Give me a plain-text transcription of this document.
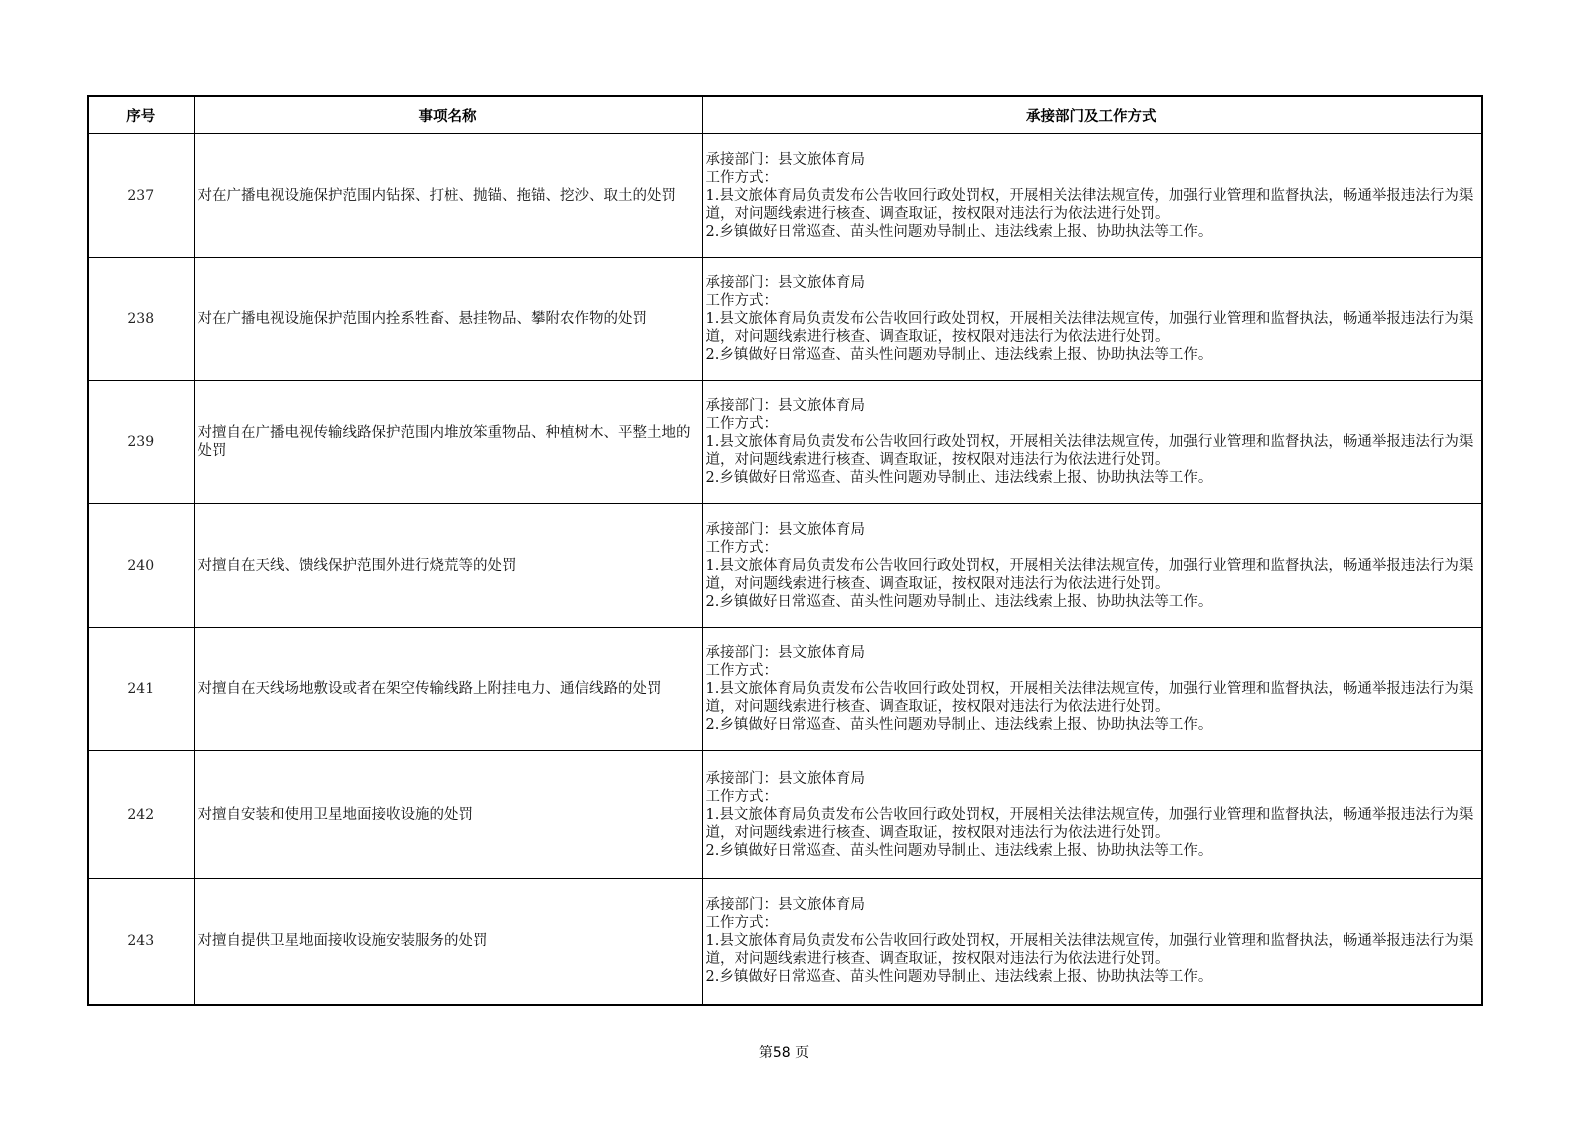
序号	事项名称	承接部门及工作方式
237	对在广播电视设施保护范围内钻探、打桩、抛锚、拖锚、挖沙、取土的处罚	承接部门：县文旅体育局
工作方式：
1.县文旅体育局负责发布公告收回行政处罚权，开展相关法律法规宣传，加强行业管理和监督执法，畅通举报违法行为渠道，对问题线索进行核查、调查取证，按权限对违法行为依法进行处罚。
2.乡镇做好日常巡查、苗头性问题劝导制止、违法线索上报、协助执法等工作。

238	对在广播电视设施保护范围内拴系牲畜、悬挂物品、攀附农作物的处罚	承接部门：县文旅体育局
工作方式：
1.县文旅体育局负责发布公告收回行政处罚权，开展相关法律法规宣传，加强行业管理和监督执法，畅通举报违法行为渠道，对问题线索进行核查、调查取证，按权限对违法行为依法进行处罚。
2.乡镇做好日常巡查、苗头性问题劝导制止、违法线索上报、协助执法等工作。

239	对擅自在广播电视传输线路保护范围内堆放笨重物品、种植树木、平整土地的处罚	承接部门：县文旅体育局
工作方式：
1.县文旅体育局负责发布公告收回行政处罚权，开展相关法律法规宣传，加强行业管理和监督执法，畅通举报违法行为渠道，对问题线索进行核查、调查取证，按权限对违法行为依法进行处罚。
2.乡镇做好日常巡查、苗头性问题劝导制止、违法线索上报、协助执法等工作。

240	对擅自在天线、馈线保护范围外进行烧荒等的处罚	承接部门：县文旅体育局
工作方式：
1.县文旅体育局负责发布公告收回行政处罚权，开展相关法律法规宣传，加强行业管理和监督执法，畅通举报违法行为渠道，对问题线索进行核查、调查取证，按权限对违法行为依法进行处罚。
2.乡镇做好日常巡查、苗头性问题劝导制止、违法线索上报、协助执法等工作。

241	对擅自在天线场地敷设或者在架空传输线路上附挂电力、通信线路的处罚	承接部门：县文旅体育局
工作方式：
1.县文旅体育局负责发布公告收回行政处罚权，开展相关法律法规宣传，加强行业管理和监督执法，畅通举报违法行为渠道，对问题线索进行核查、调查取证，按权限对违法行为依法进行处罚。
2.乡镇做好日常巡查、苗头性问题劝导制止、违法线索上报、协助执法等工作。

242	对擅自安装和使用卫星地面接收设施的处罚	承接部门：县文旅体育局
工作方式：
1.县文旅体育局负责发布公告收回行政处罚权，开展相关法律法规宣传，加强行业管理和监督执法，畅通举报违法行为渠道，对问题线索进行核查、调查取证，按权限对违法行为依法进行处罚。
2.乡镇做好日常巡查、苗头性问题劝导制止、违法线索上报、协助执法等工作。

243	对擅自提供卫星地面接收设施安装服务的处罚	承接部门：县文旅体育局
工作方式：
1.县文旅体育局负责发布公告收回行政处罚权，开展相关法律法规宣传，加强行业管理和监督执法，畅通举报违法行为渠道，对问题线索进行核查、调查取证，按权限对违法行为依法进行处罚。
2.乡镇做好日常巡查、苗头性问题劝导制止、违法线索上报、协助执法等工作。
第58 页
